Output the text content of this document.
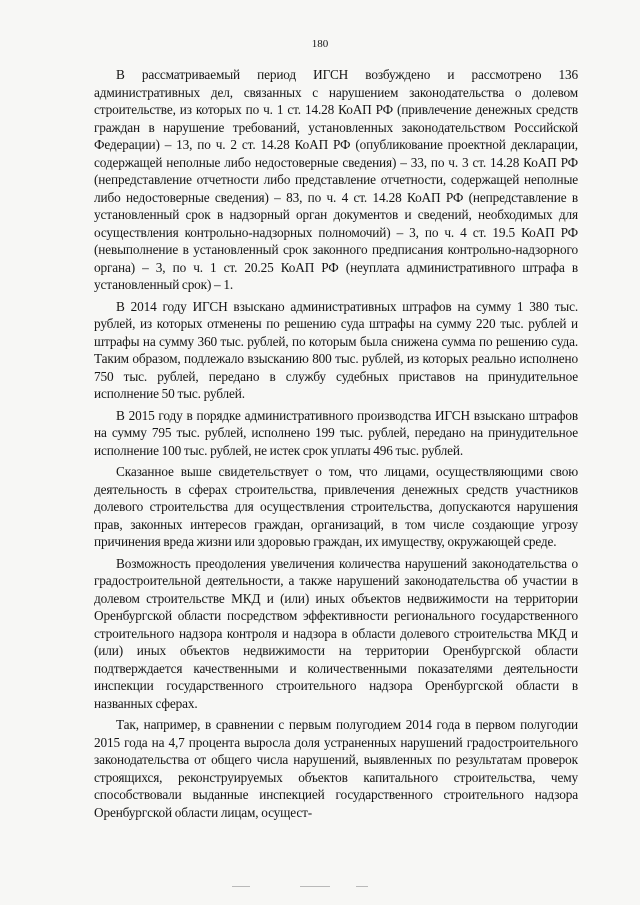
180

В рассматриваемый период ИГСН возбуждено и рассмотрено 136 административных дел, связанных с нарушением законодательства о долевом строительстве, из которых по ч. 1 ст. 14.28 КоАП РФ (привлечение денежных средств граждан в нарушение требований, установленных законодательством Российской Федерации) – 13, по ч. 2 ст. 14.28 КоАП РФ (опубликование проектной декларации, содержащей неполные либо недостоверные сведения) – 33, по ч. 3 ст. 14.28 КоАП РФ (непредставление отчетности либо представление отчетности, содержащей неполные либо недостоверные сведения) – 83, по ч. 4 ст. 14.28 КоАП РФ (непредставление в установленный срок в надзорный орган документов и сведений, необходимых для осуществления контрольно-надзорных полномочий) – 3, по ч. 4 ст. 19.5 КоАП РФ (невыполнение в установленный срок законного предписания контрольно-надзорного органа) – 3, по ч. 1 ст. 20.25 КоАП РФ (неуплата административного штрафа в установленный срок) – 1.

В 2014 году ИГСН взыскано административных штрафов на сумму 1 380 тыс. рублей, из которых отменены по решению суда штрафы на сумму 220 тыс. рублей и штрафы на сумму 360 тыс. рублей, по которым была снижена сумма по решению суда. Таким образом, подлежало взысканию 800 тыс. рублей, из которых реально исполнено 750 тыс. рублей, передано в службу судебных приставов на принудительное исполнение 50 тыс. рублей.

В 2015 году в порядке административного производства ИГСН взыскано штрафов на сумму 795 тыс. рублей, исполнено 199 тыс. рублей, передано на принудительное исполнение 100 тыс. рублей, не истек срок уплаты 496 тыс. рублей.

Сказанное выше свидетельствует о том, что лицами, осуществляющими свою деятельность в сферах строительства, привлечения денежных средств участников долевого строительства для осуществления строительства, допускаются нарушения прав, законных интересов граждан, организаций, в том числе создающие угрозу причинения вреда жизни или здоровью граждан, их имуществу, окружающей среде.

Возможность преодоления увеличения количества нарушений законодательства о градостроительной деятельности, а также нарушений законодательства об участии в долевом строительстве МКД и (или) иных объектов недвижимости на территории Оренбургской области посредством эффективности регионального государственного строительного надзора контроля и надзора в области долевого строительства МКД и (или) иных объектов недвижимости на территории Оренбургской области подтверждается качественными и количественными показателями деятельности инспекции государственного строительного надзора Оренбургской области в названных сферах.

Так, например, в сравнении с первым полугодием 2014 года в первом полугодии 2015 года на 4,7 процента выросла доля устраненных нарушений градостроительного законодательства от общего числа нарушений, выявленных по результатам проверок строящихся, реконструируемых объектов капитального строительства, чему способствовали выданные инспекцией государственного строительного надзора Оренбургской области лицам, осущест-
